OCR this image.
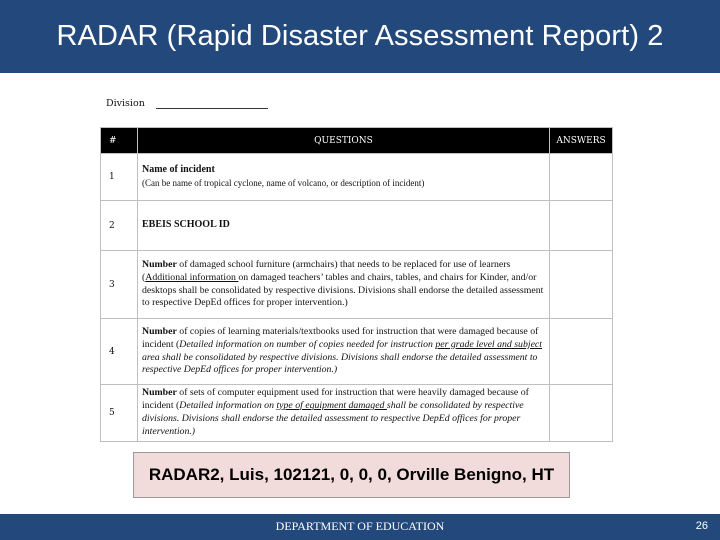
RADAR (Rapid Disaster Assessment Report) 2
Division
#	QUESTIONS	ANSWERS
1	Name of incident
(Can be name of tropical cyclone, name of volcano, or description of incident)	

2	EBEIS SCHOOL ID	

3	Number of damaged school furniture (armchairs) that needs to be replaced for use of learners (Additional information on damaged teachers’ tables and chairs, tables, and chairs for Kinder, and/or desktops shall be consolidated by respective divisions. Divisions shall endorse the detailed assessment to respective DepEd offices for proper intervention.)	
4	Number of copies of learning materials/textbooks used for instruction that were damaged because of incident (Detailed information on number of copies needed for instruction per grade level and subject area shall be consolidated by respective divisions. Divisions shall endorse the detailed assessment to respective DepEd offices for proper intervention.)	
5	Number of sets of computer equipment used for instruction that were heavily damaged because of incident (Detailed information on type of equipment damaged shall be consolidated by respective divisions. Divisions shall endorse the detailed assessment to respective DepEd offices for proper intervention.)	
RADAR2, Luis, 102121, 0, 0, 0, Orville Benigno, HT
DEPARTMENT OF EDUCATION	26
